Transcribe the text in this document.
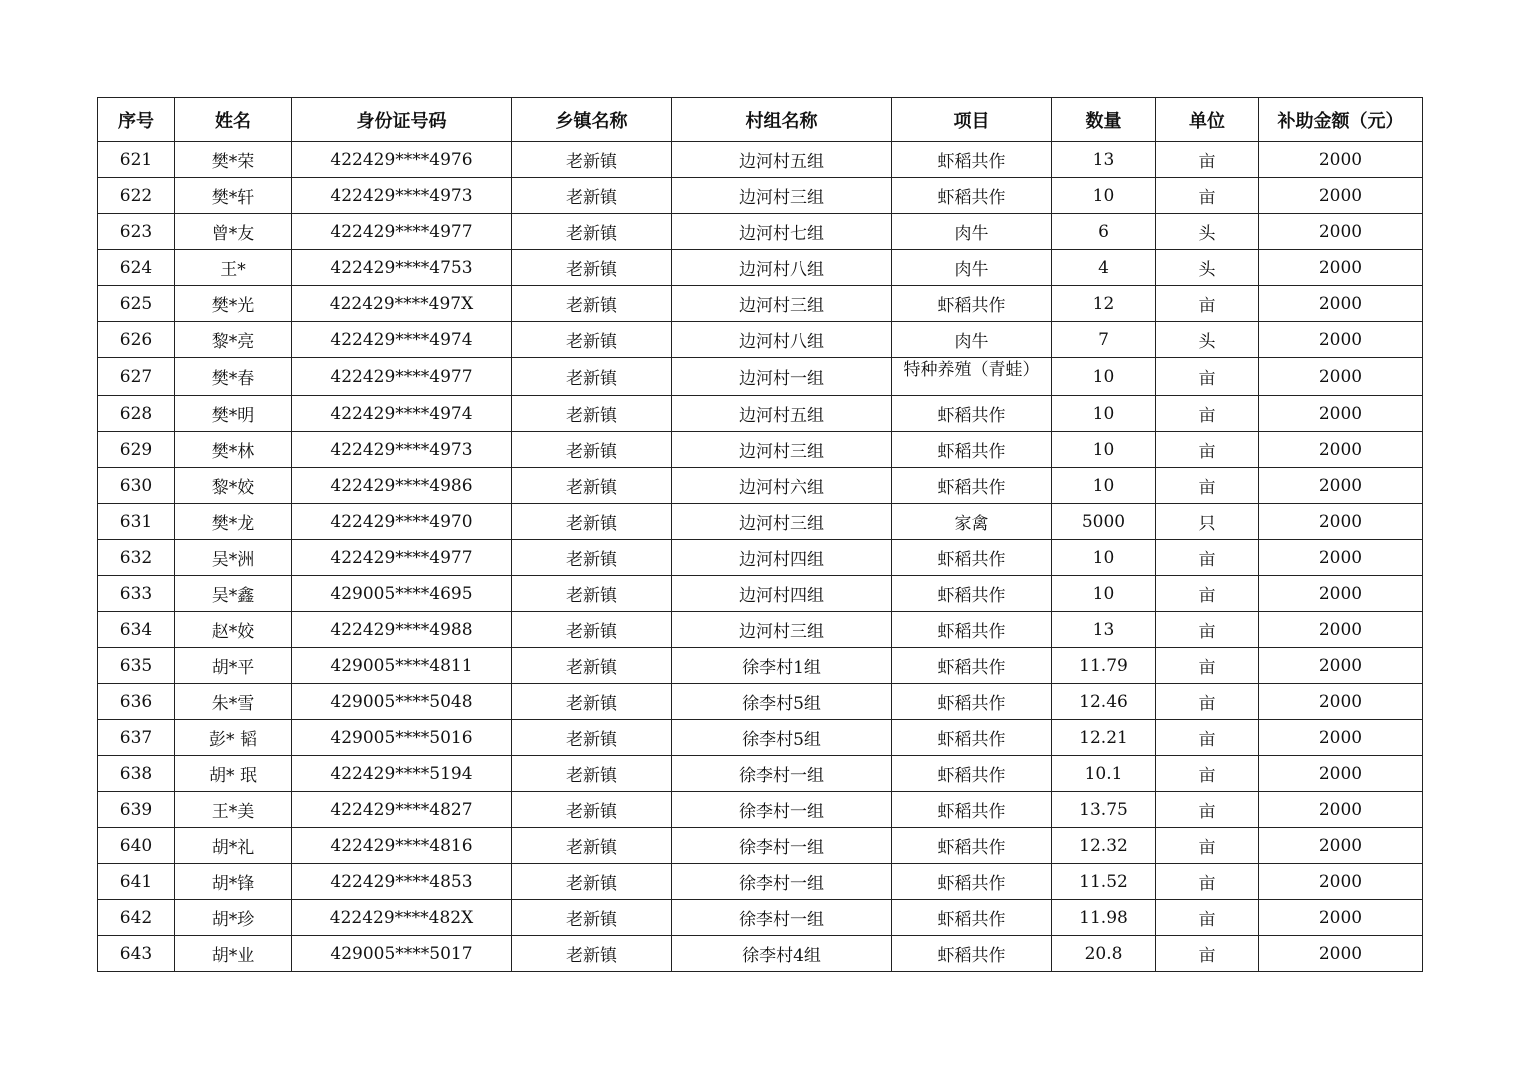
序号	姓名	身份证号码	乡镇名称	村组名称	项目	数量	单位	补助金额（元）
621	樊*荣	422429****4976	老新镇	边河村五组	虾稻共作	13	亩	2000
622	樊*轩	422429****4973	老新镇	边河村三组	虾稻共作	10	亩	2000
623	曾*友	422429****4977	老新镇	边河村七组	肉牛	6	头	2000
624	王*	422429****4753	老新镇	边河村八组	肉牛	4	头	2000
625	樊*光	422429****497X	老新镇	边河村三组	虾稻共作	12	亩	2000
626	黎*亮	422429****4974	老新镇	边河村八组	肉牛	7	头	2000
627	樊*春	422429****4977	老新镇	边河村一组	特种养殖（青蛙）	10	亩	2000
628	樊*明	422429****4974	老新镇	边河村五组	虾稻共作	10	亩	2000
629	樊*林	422429****4973	老新镇	边河村三组	虾稻共作	10	亩	2000
630	黎*姣	422429****4986	老新镇	边河村六组	虾稻共作	10	亩	2000
631	樊*龙	422429****4970	老新镇	边河村三组	家禽	5000	只	2000
632	吴*洲	422429****4977	老新镇	边河村四组	虾稻共作	10	亩	2000
633	吴*鑫	429005****4695	老新镇	边河村四组	虾稻共作	10	亩	2000
634	赵*姣	422429****4988	老新镇	边河村三组	虾稻共作	13	亩	2000
635	胡*平	429005****4811	老新镇	徐李村1组	虾稻共作	11.79	亩	2000
636	朱*雪	429005****5048	老新镇	徐李村5组	虾稻共作	12.46	亩	2000
637	彭* 韬	429005****5016	老新镇	徐李村5组	虾稻共作	12.21	亩	2000
638	胡* 珉	422429****5194	老新镇	徐李村一组	虾稻共作	10.1	亩	2000
639	王*美	422429****4827	老新镇	徐李村一组	虾稻共作	13.75	亩	2000
640	胡*礼	422429****4816	老新镇	徐李村一组	虾稻共作	12.32	亩	2000
641	胡*锋	422429****4853	老新镇	徐李村一组	虾稻共作	11.52	亩	2000
642	胡*珍	422429****482X	老新镇	徐李村一组	虾稻共作	11.98	亩	2000
643	胡*业	429005****5017	老新镇	徐李村4组	虾稻共作	20.8	亩	2000
